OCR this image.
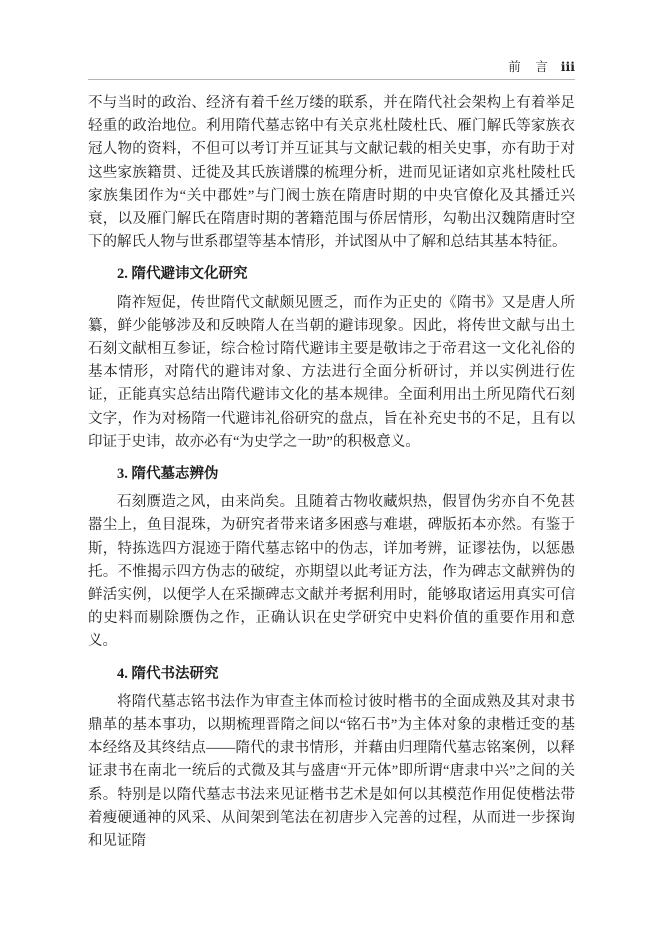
前　言 ⅲ

不与当时的政治、经济有着千丝万缕的联系，并在隋代社会架构上有着举足轻重的政治地位。利用隋代墓志铭中有关京兆杜陵杜氏、雁门解氏等家族衣冠人物的资料，不但可以考订并互证其与文献记载的相关史事，亦有助于对这些家族籍贯、迁徙及其氏族谱牒的梳理分析，进而见证诸如京兆杜陵杜氏家族集团作为“关中郡姓”与门阀士族在隋唐时期的中央官僚化及其播迁兴衰，以及雁门解氏在隋唐时期的著籍范围与侨居情形，勾勒出汉魏隋唐时空下的解氏人物与世系郡望等基本情形，并试图从中了解和总结其基本特征。

2. 隋代避讳文化研究

隋祚短促，传世隋代文献颇见匮乏，而作为正史的《隋书》又是唐人所纂，鲜少能够涉及和反映隋人在当朝的避讳现象。因此，将传世文献与出土石刻文献相互参证，综合检讨隋代避讳主要是敬讳之于帝君这一文化礼俗的基本情形，对隋代的避讳对象、方法进行全面分析研讨，并以实例进行佐证，正能真实总结出隋代避讳文化的基本规律。全面利用出土所见隋代石刻文字，作为对杨隋一代避讳礼俗研究的盘点，旨在补充史书的不足，且有以印证于史讳，故亦必有“为史学之一助”的积极意义。

3. 隋代墓志辨伪

石刻赝造之风，由来尚矣。且随着古物收藏炽热，假冒伪劣亦自不免甚嚣尘上，鱼目混珠，为研究者带来诸多困惑与难堪，碑版拓本亦然。有鉴于斯，特拣选四方混迹于隋代墓志铭中的伪志，详加考辨，证谬祛伪，以惩愚托。不惟揭示四方伪志的破绽，亦期望以此考证方法，作为碑志文献辨伪的鲜活实例，以便学人在采撷碑志文献并考据利用时，能够取诸运用真实可信的史料而剔除赝伪之作，正确认识在史学研究中史料价值的重要作用和意义。

4. 隋代书法研究

将隋代墓志铭书法作为审查主体而检讨彼时楷书的全面成熟及其对隶书鼎革的基本事功，以期梳理晋隋之间以“铭石书”为主体对象的隶楷迁变的基本经络及其终结点——隋代的隶书情形，并藉由归理隋代墓志铭案例，以释证隶书在南北一统后的式微及其与盛唐“开元体”即所谓“唐隶中兴”之间的关系。特别是以隋代墓志书法来见证楷书艺术是如何以其模范作用促使楷法带着瘦硬通神的风采、从间架到笔法在初唐步入完善的过程，从而进一步探询和见证隋
